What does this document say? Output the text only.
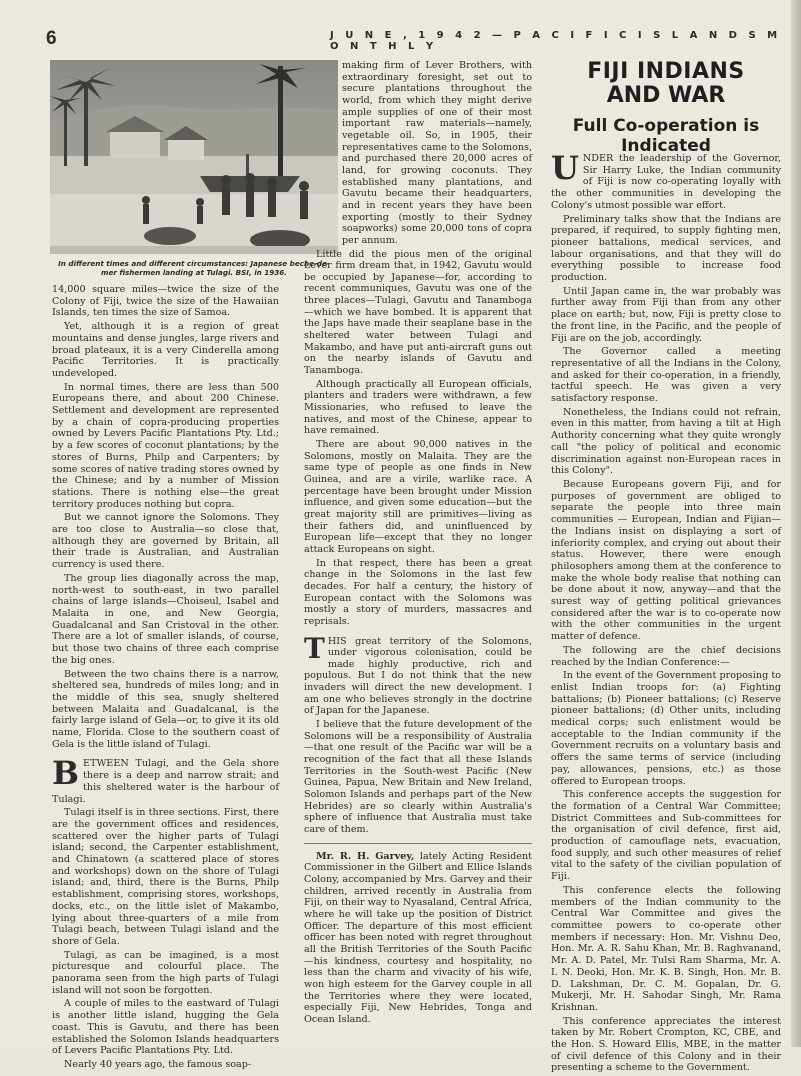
6	J U N E , 1 9 4 2 — P A C I F I C I S L A N D S M O N T H L Y
In different times and different circumstances: Japanese beche-de-mer fishermen landing at Tulagi. BSI, in 1936.

14,000 square miles—twice the size of the Colony of Fiji, twice the size of the Hawaiian Islands, ten times the size of Samoa.

Yet, although it is a region of great mountains and dense jungles, large rivers and broad plateaux, it is a very Cinderella among Pacific Territories. It is practically undeveloped.

In normal times, there are less than 500 Europeans there, and about 200 Chinese. Settlement and development are represented by a chain of copra-producing properties owned by Levers Pacific Plantations Pty. Ltd.; by a few scores of coconut plantations; by the stores of Burns, Philp and Carpenters; by some scores of native trading stores owned by the Chinese; and by a number of Mission stations. There is nothing else—the great territory produces nothing but copra.

But we cannot ignore the Solomons. They are too close to Australia—so close that, although they are governed by Britain, all their trade is Australian, and Australian currency is used there.

The group lies diagonally across the map, north-west to south-east, in two parallel chains of large islands—Choiseul, Isabel and Malaita in one, and New Georgia, Guadalcanal and San Cristoval in the other. There are a lot of smaller islands, of course, but those two chains of three each comprise the big ones.

Between the two chains there is a narrow, sheltered sea, hundreds of miles long; and in the middle of this sea, snugly sheltered between Malaita and Guadalcanal, is the fairly large island of Gela—or, to give it its old name, Florida. Close to the southern coast of Gela is the little island of Tulagi.

BETWEEN Tulagi, and the Gela shore there is a deep and narrow strait; and this sheltered water is the harbour of Tulagi.

Tulagi itself is in three sections. First, there are the government offices and residences, scattered over the higher parts of Tulagi island; second, the Carpenter establishment, and Chinatown (a scattered place of stores and workshops) down on the shore of Tulagi island; and, third, there is the Burns, Philp establishment, comprising stores, workshops, docks, etc., on the little islet of Makambo, lying about three-quarters of a mile from Tulagi beach, between Tulagi island and the shore of Gela.

Tulagi, as can be imagined, is a most picturesque and colourful place. The panorama seen from the high parts of Tulagi island will not soon be forgotten.

A couple of miles to the eastward of Tulagi is another little island, hugging the Gela coast. This is Gavutu, and there has been established the Solomon Islands headquarters of Levers Pacific Plantations Pty. Ltd.

Nearly 40 years ago, the famous soap-

making firm of Lever Brothers, with extraordinary foresight, set out to secure plantations throughout the world, from which they might derive ample supplies of one of their most important raw materials—namely, vegetable oil. So, in 1905, their representatives came to the Solomons, and purchased there 20,000 acres of land, for growing coconuts. They established many plantations, and Gavutu became their headquarters, and in recent years they have been exporting (mostly to their Sydney soapworks) some 20,000 tons of copra per annum.

Little did the pious men of the original Lever firm dream that, in 1942, Gavutu would be occupied by Japanese—for, according to recent communiques, Gavutu was one of the three places—Tulagi, Gavutu and Tanamboga—which we have bombed. It is apparent that the Japs have made their seaplane base in the sheltered water between Tulagi and Makambo, and have put anti-aircraft guns out on the nearby islands of Gavutu and Tanamboga.

Although practically all European officials, planters and traders were withdrawn, a few Missionaries, who refused to leave the natives, and most of the Chinese, appear to have remained.

There are about 90,000 natives in the Solomons, mostly on Malaita. They are the same type of people as one finds in New Guinea, and are a virile, warlike race. A percentage have been brought under Mission influence, and given some education—but the great majority still are primitives—living as their fathers did, and uninfluenced by European life—except that they no longer attack Europeans on sight.

In that respect, there has been a great change in the Solomons in the last few decades. For half a century, the history of European contact with the Solomons was mostly a story of murders, massacres and reprisals.

THIS great territory of the Solomons, under vigorous colonisation, could be made highly productive, rich and populous. But I do not think that the new invaders will direct the new development. I am one who believes strongly in the doctrine of Japan for the Japanese.

I believe that the future development of the Solomons will be a responsibility of Australia—that one result of the Pacific war will be a recognition of the fact that all these Islands Territories in the South-west Pacific (New Guinea, Papua, New Britain and New Ireland, Solomon Islands and perhaps part of the New Hebrides) are so clearly within Australia's sphere of influence that Australia must take care of them.

Mr. R. H. Garvey, lately Acting Resident Commissioner in the Gilbert and Ellice Islands Colony, accompanied by Mrs. Garvey and their children, arrived recently in Australia from Fiji, on their way to Nyasaland, Central Africa, where he will take up the position of District Officer. The departure of this most efficient officer has been noted with regret throughout all the British Territories of the South Pacific—his kindness, courtesy and hospitality, no less than the charm and vivacity of his wife, won high esteem for the Garvey couple in all the Territories where they were located, especially Fiji, New Hebrides, Tonga and Ocean Island.

FIJI INDIANS
AND WAR
Full Co-operation is Indicated

UNDER the leadership of the Governor, Sir Harry Luke, the Indian community of Fiji is now co-operating loyally with the other communities in developing the Colony's utmost possible war effort.

Preliminary talks show that the Indians are prepared, if required, to supply fighting men, pioneer battalions, medical services, and labour organisations, and that they will do everything possible to increase food production.

Until Japan came in, the war probably was further away from Fiji than from any other place on earth; but, now, Fiji is pretty close to the front line, in the Pacific, and the people of Fiji are on the job, accordingly.

The Governor called a meeting representative of all the Indians in the Colony, and asked for their co-operation, in a friendly, tactful speech. He was given a very satisfactory response.

Nonetheless, the Indians could not refrain, even in this matter, from having a tilt at High Authority concerning what they quite wrongly call "the policy of political and economic discrimination against non-European races in this Colony".

Because Europeans govern Fiji, and for purposes of government are obliged to separate the people into three main communities — European, Indian and Fijian—the Indians insist on displaying a sort of inferiority complex, and crying out about their status. However, there were enough philosophers among them at the conference to make the whole body realise that nothing can be done about it now, anyway—and that the surest way of getting political grievances considered after the war is to co-operate now with the other communities in the urgent matter of defence.

The following are the chief decisions reached by the Indian Conference:—

In the event of the Government proposing to enlist Indian troops for: (a) Fighting battalions; (b) Pioneer battalions; (c) Reserve pioneer battalions; (d) Other units, including medical corps; such enlistment would be acceptable to the Indian community if the Government recruits on a voluntary basis and offers the same terms of service (including pay, allowances, pensions, etc.) as those offered to European troops.

This conference accepts the suggestion for the formation of a Central War Committee; District Committees and Sub-committees for the organisation of civil defence, first aid, production of camouflage nets, evacuation, food supply, and such other measures of relief vital to the safety of the civilian population of Fiji.

This conference elects the following members of the Indian community to the Central War Committee and gives the committee powers to co-operate other members if necessary: Hon. Mr. Vishnu Deo, Hon. Mr. A. R. Sahu Khan, Mr. B. Raghvanand, Mr. A. D. Patel, Mr. Tulsi Ram Sharma, Mr. A. I. N. Deoki, Hon. Mr. K. B. Singh, Hon. Mr. B. D. Lakshman, Dr. C. M. Gopalan, Dr. G. Mukerji, Mr. H. Sahodar Singh, Mr. Rama Krishnan.

This conference appreciates the interest taken by Mr. Robert Crompton, KC, CBE, and the Hon. S. Howard Ellis, MBE, in the matter of civil defence of this Colony and in their presenting a scheme to the Government.
